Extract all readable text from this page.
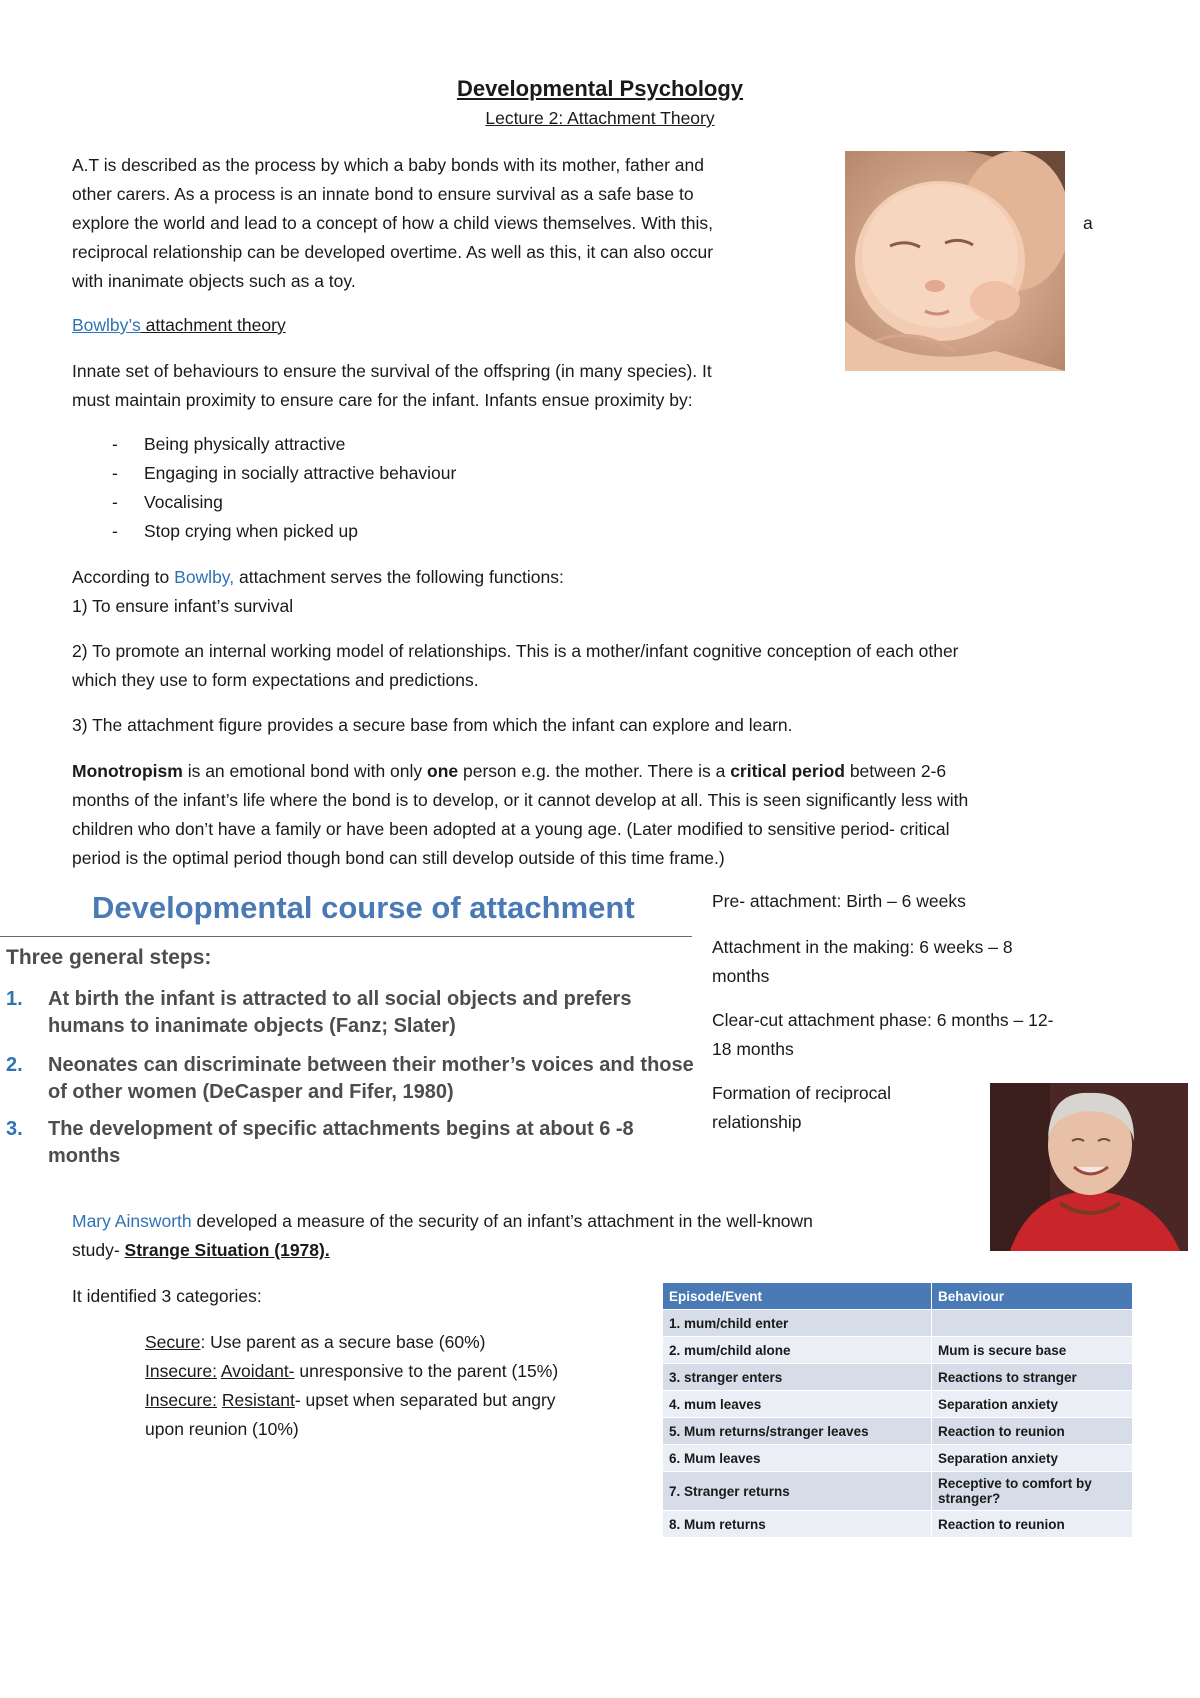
Developmental Psychology
Lecture 2: Attachment Theory
A.T is described as the process by which a baby bonds with its mother, father and
other carers. As a process is an innate bond to ensure survival as a safe base to
explore the world and lead to a concept of how a child views themselves. With this,
reciprocal relationship can be developed overtime. As well as this, it can also occur
with inanimate objects such as a toy.
a
Bowlby’s attachment theory
Innate set of behaviours to ensure the survival of the offspring (in many species). It
must maintain proximity to ensure care for the infant. Infants ensue proximity by:
- Being physically attractive
- Engaging in socially attractive behaviour
- Vocalising
- Stop crying when picked up
According to Bowlby, attachment serves the following functions:
1) To ensure infant’s survival
2) To promote an internal working model of relationships. This is a mother/infant cognitive conception of each other
which they use to form expectations and predictions.
3) The attachment figure provides a secure base from which the infant can explore and learn.
Monotropism is an emotional bond with only one person e.g. the mother. There is a critical period between 2-6
months of the infant’s life where the bond is to develop, or it cannot develop at all. This is seen significantly less with
children who don’t have a family or have been adopted at a young age. (Later modified to sensitive period- critical
period is the optimal period though bond can still develop outside of this time frame.)
Developmental course of attachment
Three general steps:
1.	At birth the infant is attracted to all social objects and prefers humans to inanimate objects (Fanz; Slater)
2.	Neonates can discriminate between their mother’s voices and those of other women (DeCasper and Fifer, 1980)
3.	The development of specific attachments begins at about 6 -8 months
Pre- attachment: Birth – 6 weeks
Attachment in the making: 6 weeks – 8
months
Clear-cut attachment phase: 6 months – 12-
18 months
Formation of reciprocal
relationship
Mary Ainsworth developed a measure of the security of an infant’s attachment in the well-known
study- Strange Situation (1978).
It identified 3 categories:
Secure: Use parent as a secure base (60%)
Insecure: Avoidant- unresponsive to the parent (15%)
Insecure: Resistant- upset when separated but angry
upon reunion (10%)
Episode/Event	Behaviour
1. mum/child enter	
2. mum/child alone	Mum is secure base
3. stranger enters	Reactions to stranger
4. mum leaves	Separation anxiety
5. Mum returns/stranger leaves	Reaction to reunion
6. Mum leaves	Separation anxiety
7. Stranger returns	Receptive to comfort by stranger?
8. Mum returns	Reaction to reunion
